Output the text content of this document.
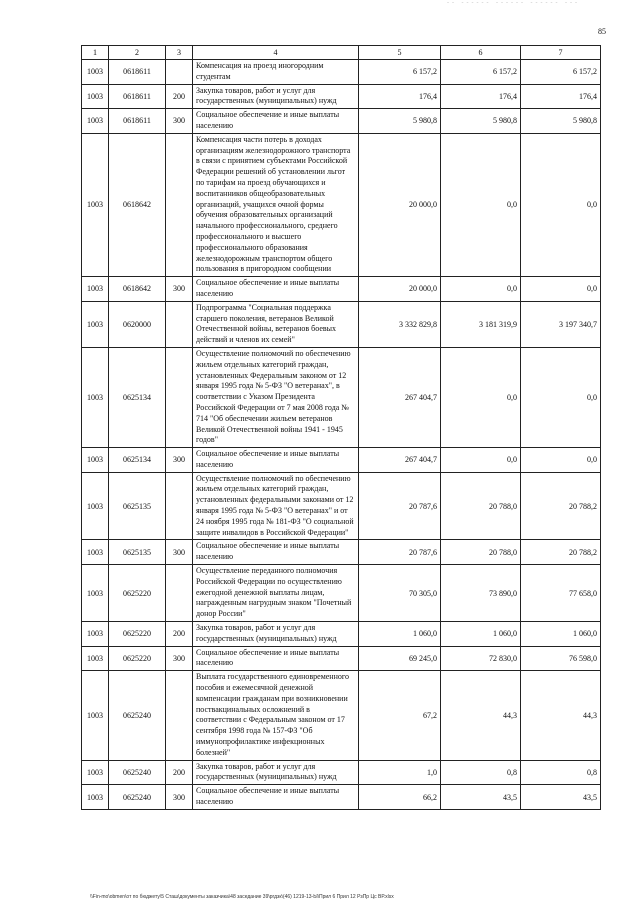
-- ------ ------ ------ ---
85
1	2	3	4	5	6	7
1003	0618611		Компенсация на проезд иногородним студентам	6 157,2	6 157,2	6 157,2
1003	0618611	200	Закупка товаров, работ и услуг для государственных (муниципальных) нужд	176,4	176,4	176,4
1003	0618611	300	Социальное обеспечение и иные выплаты населению	5 980,8	5 980,8	5 980,8
1003	0618642		Компенсация части потерь в доходах организациям железнодорожного транспорта в связи с принятием субъектами Российской Федерации решений об установлении льгот по тарифам на проезд обучающихся и воспитанников общеобразовательных организаций, учащихся очной формы обучения образовательных организаций начального профессионального, среднего профессионального и высшего профессионального образования железнодорожным транспортом общего пользования в пригородном сообщении	20 000,0	0,0	0,0
1003	0618642	300	Социальное обеспечение и иные выплаты населению	20 000,0	0,0	0,0
1003	0620000		Подпрограмма "Социальная поддержка старшего поколения, ветеранов Великой Отечественной войны, ветеранов боевых действий и членов их семей"	3 332 829,8	3 181 319,9	3 197 340,7
1003	0625134		Осуществление полномочий по обеспечению жильем отдельных категорий граждан, установленных Федеральным законом от 12 января 1995 года № 5-ФЗ "О ветеранах", в соответствии с Указом Президента Российской Федерации от 7 мая 2008 года № 714 "Об обеспечении жильем ветеранов Великой Отечественной войны 1941 - 1945 годов"	267 404,7	0,0	0,0
1003	0625134	300	Социальное обеспечение и иные выплаты населению	267 404,7	0,0	0,0
1003	0625135		Осуществление полномочий по обеспечению жильем отдельных категорий граждан, установленных федеральными законами от 12 января 1995 года № 5-ФЗ "О ветеранах" и от 24 ноября 1995 года № 181-ФЗ "О социальной защите инвалидов в Российской Федерации"	20 787,6	20 788,0	20 788,2
1003	0625135	300	Социальное обеспечение и иные выплаты населению	20 787,6	20 788,0	20 788,2
1003	0625220		Осуществление переданного полномочия Российской Федерации по осуществлению ежегодной денежной выплаты лицам, награжденным нагрудным знаком "Почетный донор России"	70 305,0	73 890,0	77 658,0
1003	0625220	200	Закупка товаров, работ и услуг для государственных (муниципальных) нужд	1 060,0	1 060,0	1 060,0
1003	0625220	300	Социальное обеспечение и иные выплаты населению	69 245,0	72 830,0	76 598,0
1003	0625240		Выплата государственного единовременного пособия и ежемесячной денежной компенсации гражданам при возникновении поствакцинальных осложнений в соответствии с Федеральным законом от 17 сентября 1998 года № 157-ФЗ "Об иммунопрофилактике инфекционных болезней"	67,2	44,3	44,3
1003	0625240	200	Закупка товаров, работ и услуг для государственных (муниципальных) нужд	1,0	0,8	0,8
1003	0625240	300	Социальное обеспечение и иные выплаты населению	66,2	43,5	43,5
\\Fin-mo\obmen\от по бюджету\5 Сташ\документы заказчика\48 заседание 39\ргдзк\(46) 1219-13-Ы\Прил 6 Прил 12 РзПр Цс ВР.xlsx
